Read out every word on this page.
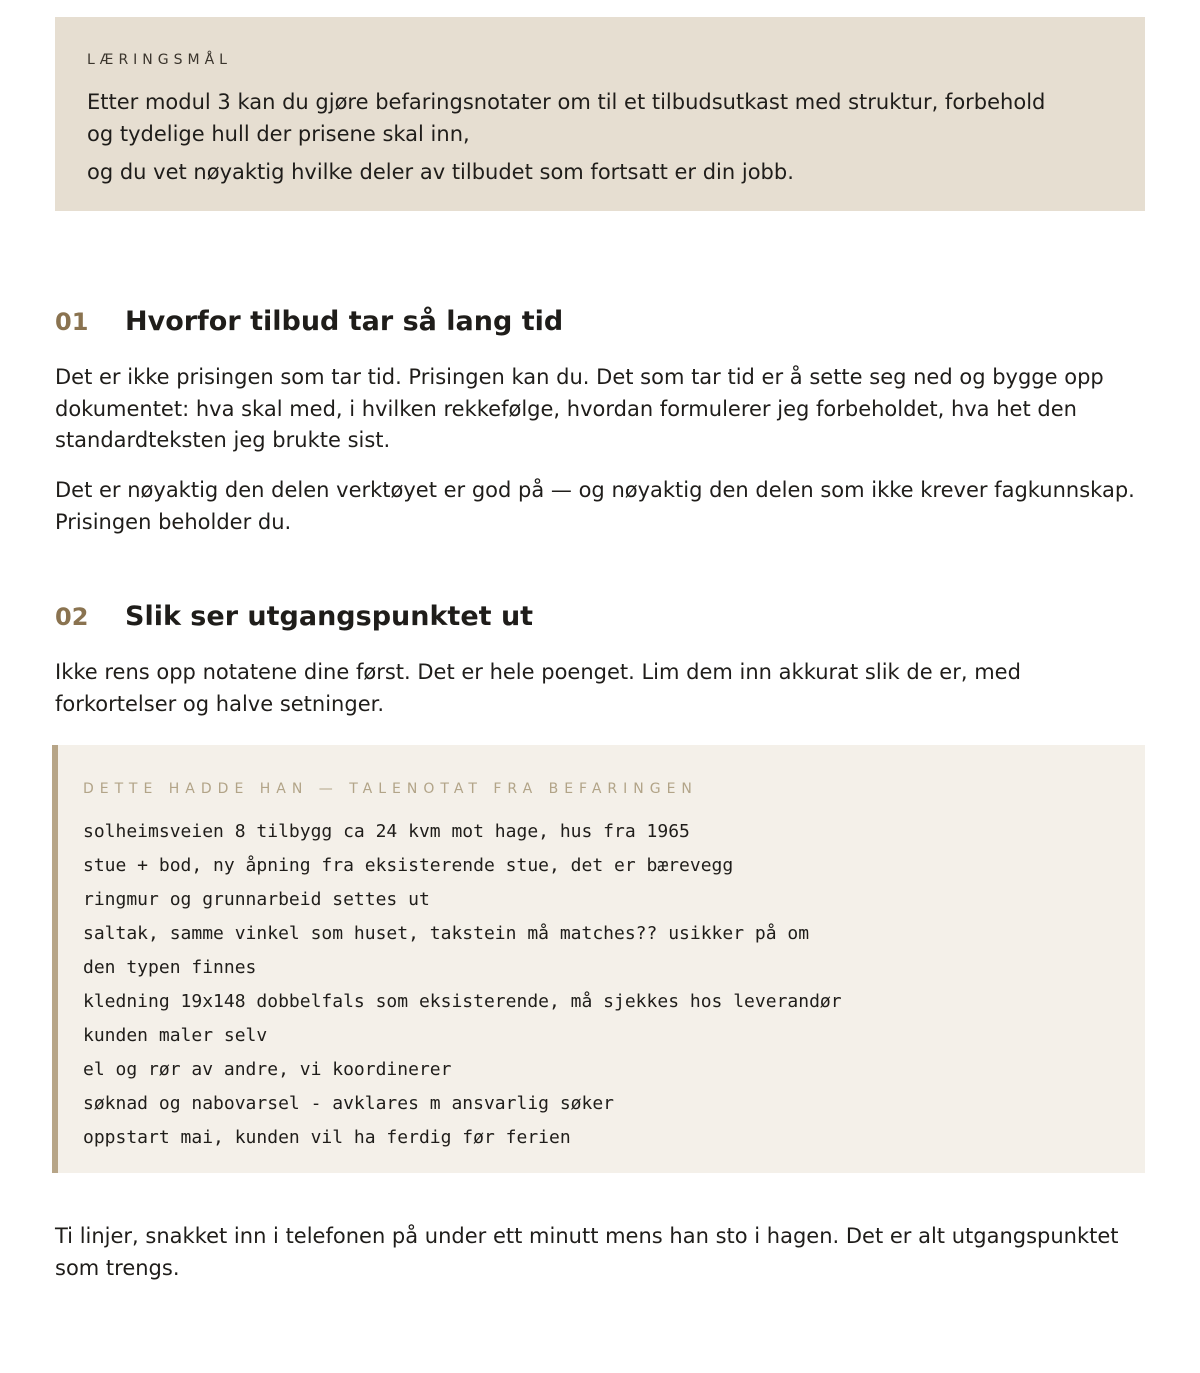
LÆRINGSMÅL
Etter modul 3 kan du gjøre befaringsnotater om til et tilbudsutkast med struktur, forbehold og tydelige hull der prisene skal inn,
og du vet nøyaktig hvilke deler av tilbudet som fortsatt er din jobb.
01	Hvorfor tilbud tar så lang tid

Det er ikke prisingen som tar tid. Prisingen kan du. Det som tar tid er å sette seg ned og bygge opp dokumentet: hva skal med, i hvilken rekkefølge, hvordan formulerer jeg forbeholdet, hva het den standardteksten jeg brukte sist.

Det er nøyaktig den delen verktøyet er god på — og nøyaktig den delen som ikke krever fagkunnskap. Prisingen beholder du.

02	Slik ser utgangspunktet ut

Ikke rens opp notatene dine først. Det er hele poenget. Lim dem inn akkurat slik de er, med forkortelser og halve setninger.

DETTE HADDE HAN — TALENOTAT FRA BEFARINGEN
solheimsveien 8 tilbygg ca 24 kvm mot hage, hus fra 1965
stue + bod, ny åpning fra eksisterende stue, det er bærevegg
ringmur og grunnarbeid settes ut
saltak, samme vinkel som huset, takstein må matches?? usikker på om
den typen finnes
kledning 19x148 dobbelfals som eksisterende, må sjekkes hos leverandør
kunden maler selv
el og rør av andre, vi koordinerer
søknad og nabovarsel - avklares m ansvarlig søker
oppstart mai, kunden vil ha ferdig før ferien

Ti linjer, snakket inn i telefonen på under ett minutt mens han sto i hagen. Det er alt utgangspunktet som trengs.
